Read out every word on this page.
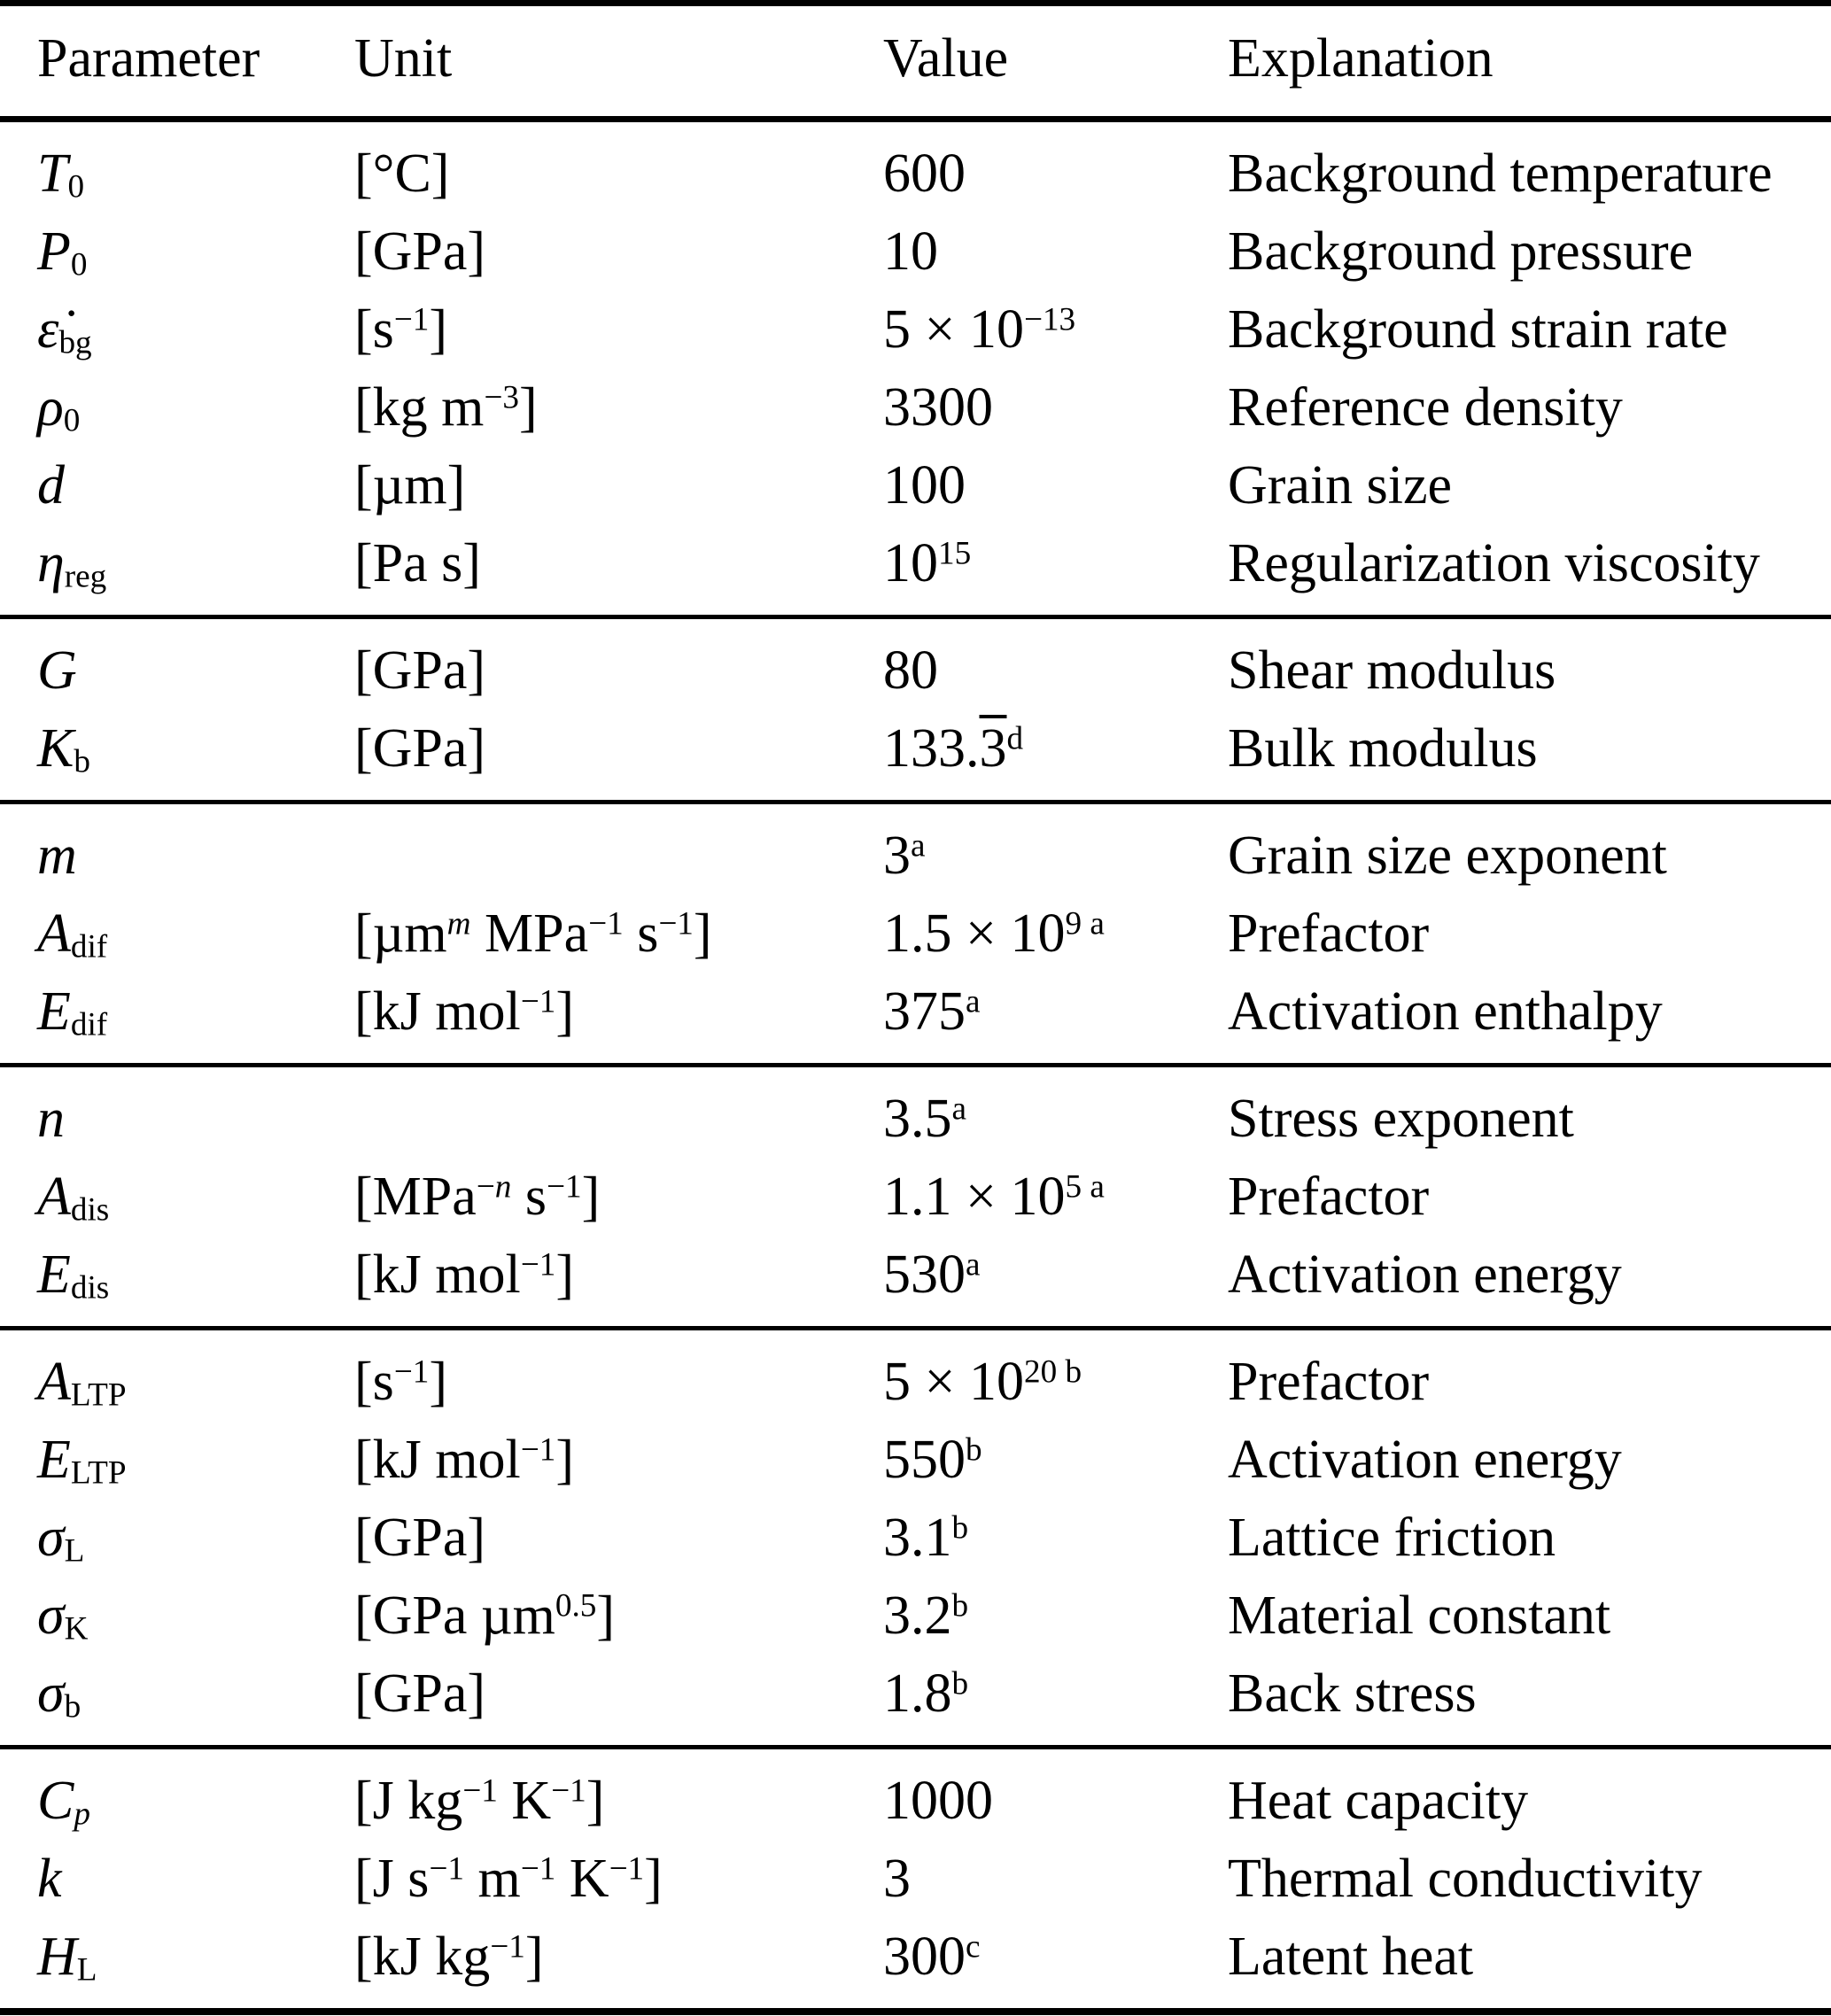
Parameter	Unit	Value	Explanation
T0	[°C]	600	Background temperature
P0	[GPa]	10	Background pressure
ε̇bg	$[s^{-1}]$	$5 \times 10^{-13}$	Background strain rate
ρ0	[kg $m^{-3}$]	3300	Reference density
d	[µm]	100	Grain size
ηreg	[Pa s]	$10^{15}$	Regularization viscosity
G	[GPa]	80	Shear modulus
Kb	[GPa]	133.3$^d$	Bulk modulus
m		3$^a$	Grain size exponent
Adif	[µm$^m$ MPa$^{-1}$ $s^{-1}$]	$1.5 \times 10^{9 a}$	Prefactor
Edif	[kJ mol$^{-1}$]	375$^a$	Activation enthalpy
n		3.5$^a$	Stress exponent
Adis	[MPa$^{-n}$ $s^{-1}$]	$1.1 \times 10^{5 a}$	Prefactor
Edis	[kJ mol$^{-1}$]	530$^a$	Activation energy
ALTP	$[s^{-1}]$	$5 \times 10^{20 b}$	Prefactor
ELTP	[kJ mol$^{-1}$]	550$^b$	Activation energy
σL	[GPa]	3.1$^b$	Lattice friction
σK	[GPa µm$^{0.5}$]	3.2$^b$	Material constant
σb	[GPa]	1.8$^b$	Back stress
Cp	[J $kg^{-1}$ $K^{-1}$]	1000	Heat capacity
k	[J $s^{-1}$ $m^{-1}$ $K^{-1}$]	3	Thermal conductivity
HL	[kJ $kg^{-1}$]	300$^c$	Latent heat
